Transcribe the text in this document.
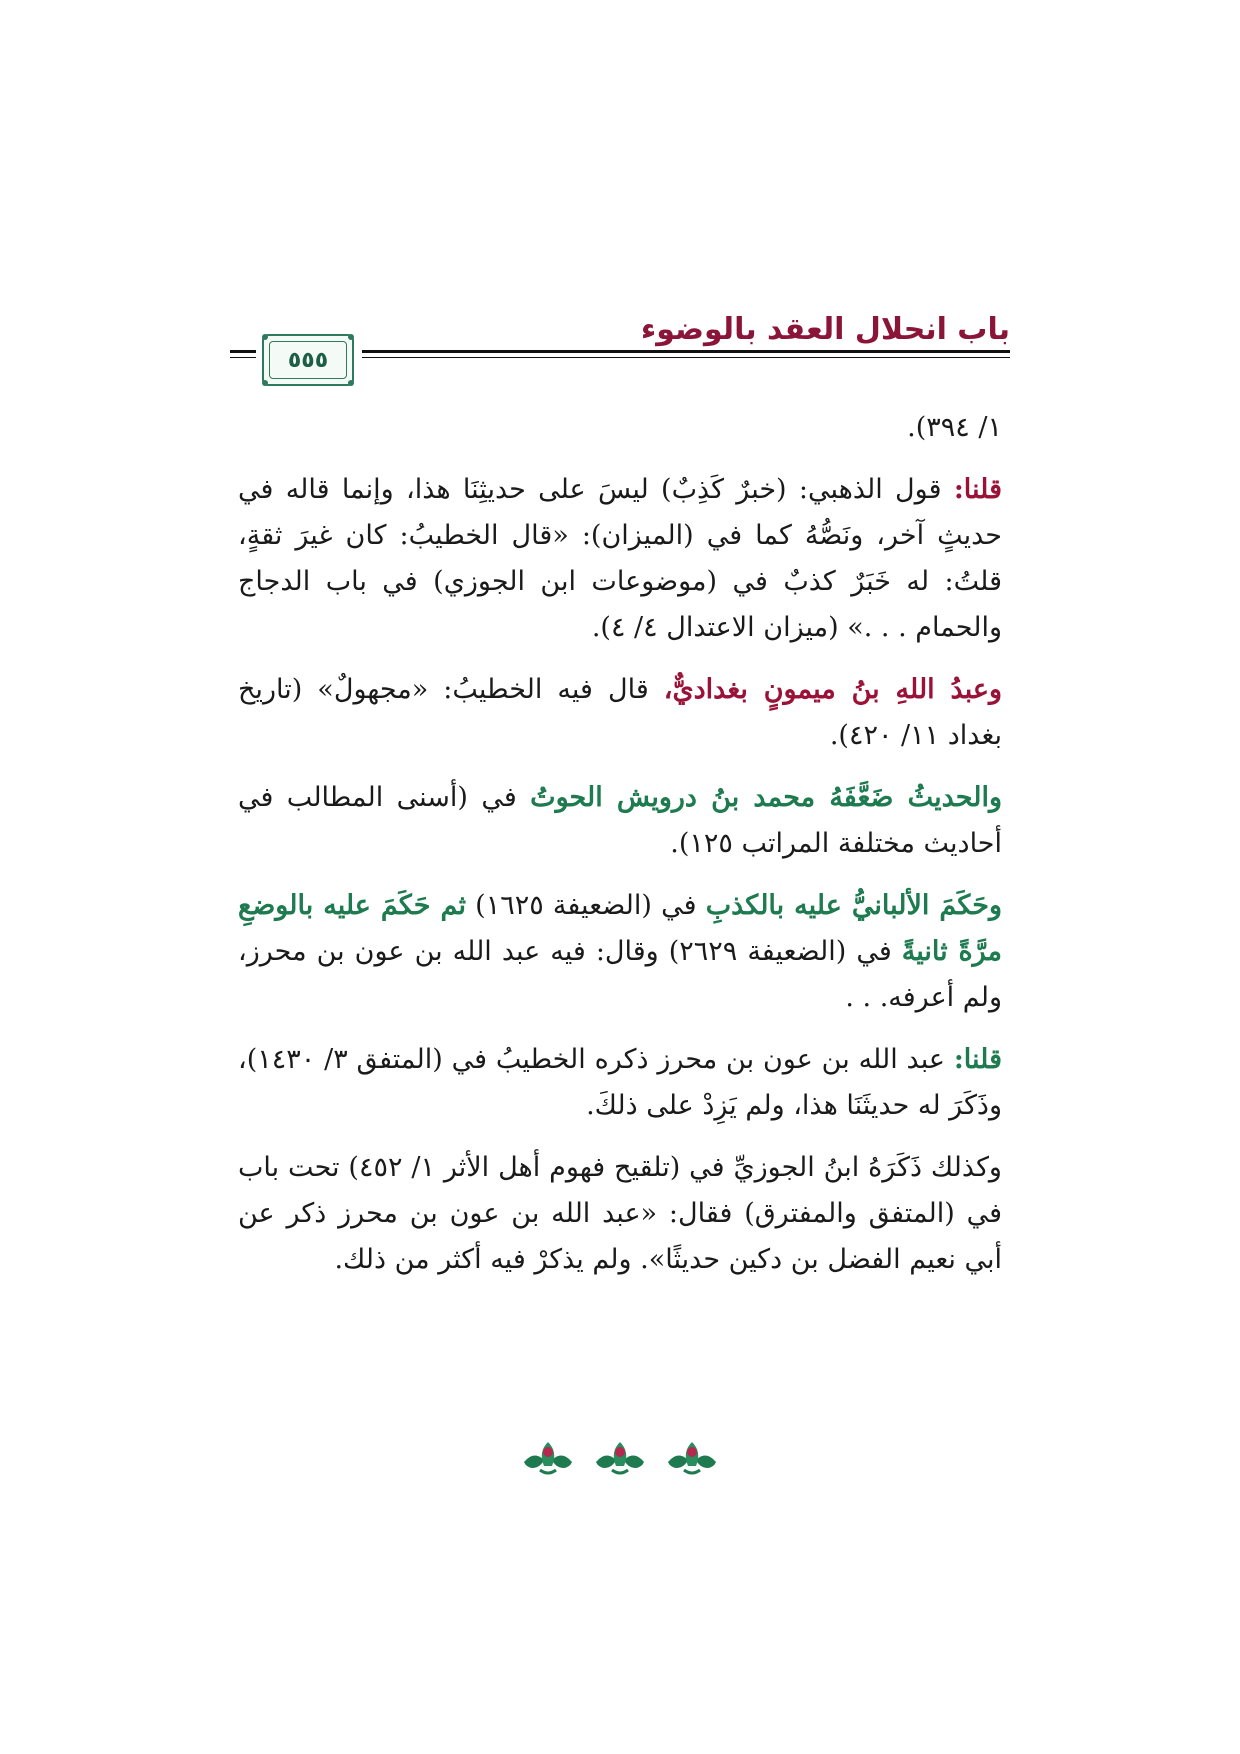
باب انحلال العقد بالوضوء
٥٥٥

١/ ٣٩٤).

قلنا: قول الذهبي: (خبرٌ كَذِبٌ) ليسَ على حديثِنَا هذا، وإنما قاله في حديثٍ آخر، ونَصُّهُ كما في (الميزان): «قال الخطيبُ: كان غيرَ ثقةٍ، قلتُ: له خَبَرٌ كذبٌ في (موضوعات ابن الجوزي) في باب الدجاج والحمام . . .» (ميزان الاعتدال ٤/ ٤).

وعبدُ اللهِ بنُ ميمونٍ بغداديٌّ، قال فيه الخطيبُ: «مجهولٌ» (تاريخ بغداد ١١/ ٤٢٠).

والحديثُ ضَعَّفَهُ محمد بنُ درويش الحوتُ في (أسنى المطالب في أحاديث مختلفة المراتب ١٢٥).

وحَكَمَ الألبانيُّ عليه بالكذبِ في (الضعيفة ١٦٢٥) ثم حَكَمَ عليه بالوضعِ مرَّةً ثانيةً في (الضعيفة ٢٦٢٩) وقال: فيه عبد الله بن عون بن محرز، ولم أعرفه. . .

قلنا: عبد الله بن عون بن محرز ذكره الخطيبُ في (المتفق ٣/ ١٤٣٠)، وذَكَرَ له حديثَنَا هذا، ولم يَزِدْ على ذلكَ.

وكذلك ذَكَرَهُ ابنُ الجوزيِّ في (تلقيح فهوم أهل الأثر ١/ ٤٥٢) تحت باب في (المتفق والمفترق) فقال: «عبد الله بن عون بن محرز ذكر عن أبي نعيم الفضل بن دكين حديثًا». ولم يذكرْ فيه أكثر من ذلك.
